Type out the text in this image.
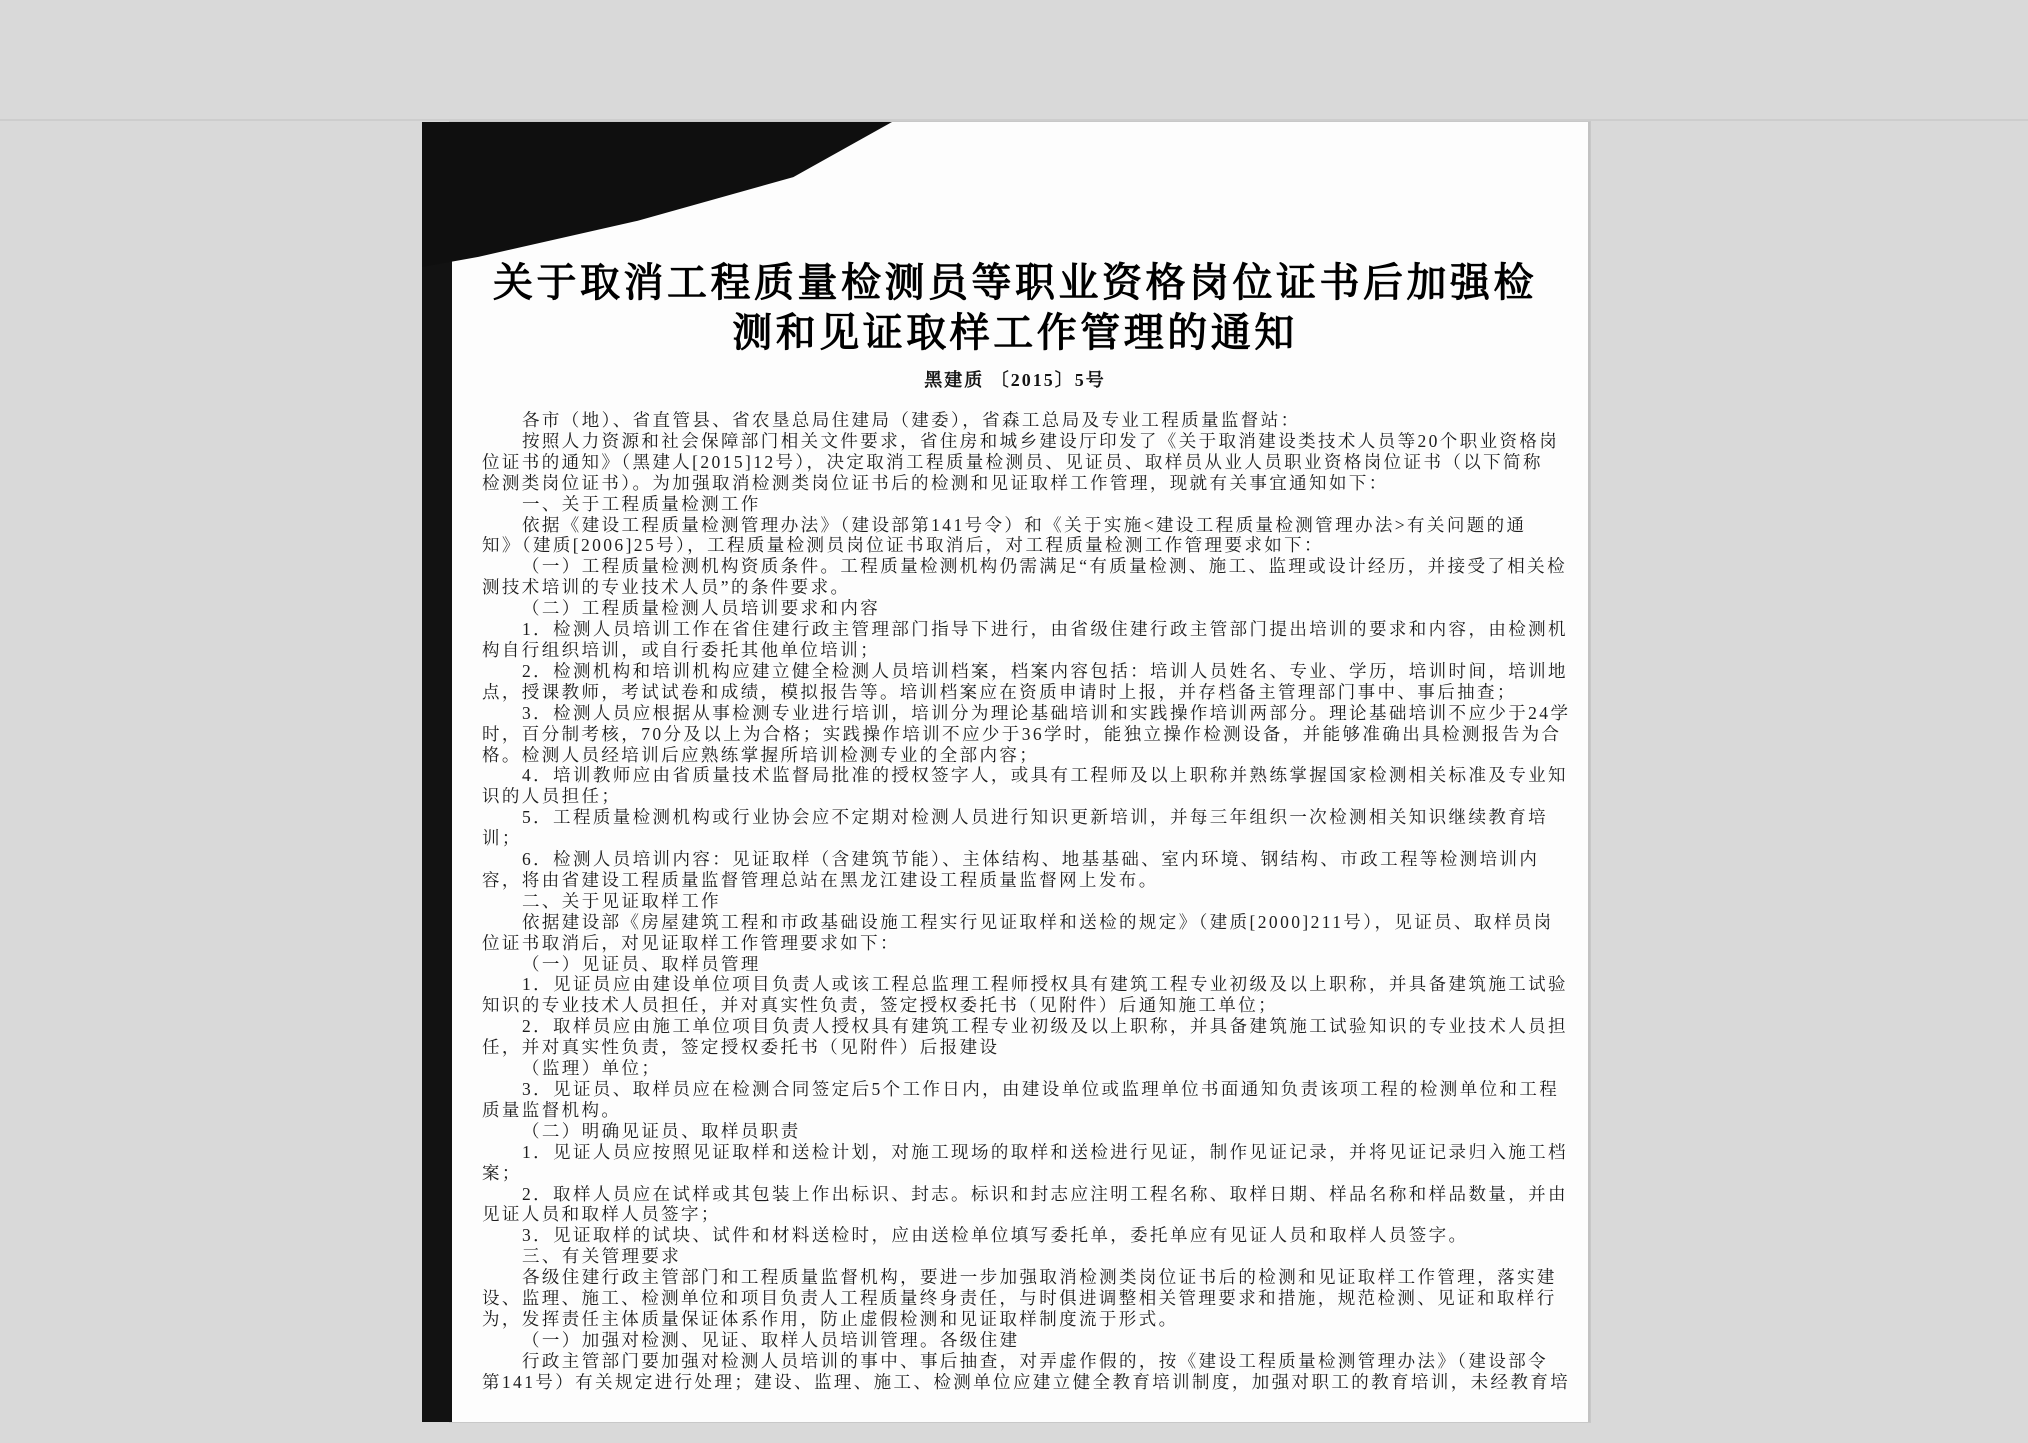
关于取消工程质量检测员等职业资格岗位证书后加强检
测和见证取样工作管理的通知
黑建质 〔2015〕5号
各市（地）、省直管县、省农垦总局住建局（建委），省森工总局及专业工程质量监督站：
按照人力资源和社会保障部门相关文件要求，省住房和城乡建设厅印发了《关于取消建设类技术人员等20个职业资格岗
位证书的通知》（黑建人[2015]12号），决定取消工程质量检测员、见证员、取样员从业人员职业资格岗位证书（以下简称
检测类岗位证书）。为加强取消检测类岗位证书后的检测和见证取样工作管理，现就有关事宜通知如下：
一、关于工程质量检测工作
依据《建设工程质量检测管理办法》（建设部第141号令）和《关于实施<建设工程质量检测管理办法>有关问题的通
知》（建质[2006]25号），工程质量检测员岗位证书取消后，对工程质量检测工作管理要求如下：
（一）工程质量检测机构资质条件。工程质量检测机构仍需满足“有质量检测、施工、监理或设计经历，并接受了相关检
测技术培训的专业技术人员”的条件要求。
（二）工程质量检测人员培训要求和内容
1．检测人员培训工作在省住建行政主管理部门指导下进行，由省级住建行政主管部门提出培训的要求和内容，由检测机
构自行组织培训，或自行委托其他单位培训；
2．检测机构和培训机构应建立健全检测人员培训档案，档案内容包括：培训人员姓名、专业、学历，培训时间，培训地
点，授课教师，考试试卷和成绩，模拟报告等。培训档案应在资质申请时上报，并存档备主管理部门事中、事后抽查；
3．检测人员应根据从事检测专业进行培训，培训分为理论基础培训和实践操作培训两部分。理论基础培训不应少于24学
时，百分制考核，70分及以上为合格；实践操作培训不应少于36学时，能独立操作检测设备，并能够准确出具检测报告为合
格。检测人员经培训后应熟练掌握所培训检测专业的全部内容；
4．培训教师应由省质量技术监督局批准的授权签字人，或具有工程师及以上职称并熟练掌握国家检测相关标准及专业知
识的人员担任；
5．工程质量检测机构或行业协会应不定期对检测人员进行知识更新培训，并每三年组织一次检测相关知识继续教育培
训；
6．检测人员培训内容：见证取样（含建筑节能）、主体结构、地基基础、室内环境、钢结构、市政工程等检测培训内
容，将由省建设工程质量监督管理总站在黑龙江建设工程质量监督网上发布。
二、关于见证取样工作
依据建设部《房屋建筑工程和市政基础设施工程实行见证取样和送检的规定》（建质[2000]211号），见证员、取样员岗
位证书取消后，对见证取样工作管理要求如下：
（一）见证员、取样员管理
1．见证员应由建设单位项目负责人或该工程总监理工程师授权具有建筑工程专业初级及以上职称，并具备建筑施工试验
知识的专业技术人员担任，并对真实性负责，签定授权委托书（见附件）后通知施工单位；
2．取样员应由施工单位项目负责人授权具有建筑工程专业初级及以上职称，并具备建筑施工试验知识的专业技术人员担
任，并对真实性负责，签定授权委托书（见附件）后报建设
（监理）单位；
3．见证员、取样员应在检测合同签定后5个工作日内，由建设单位或监理单位书面通知负责该项工程的检测单位和工程
质量监督机构。
（二）明确见证员、取样员职责
1．见证人员应按照见证取样和送检计划，对施工现场的取样和送检进行见证，制作见证记录，并将见证记录归入施工档
案；
2．取样人员应在试样或其包装上作出标识、封志。标识和封志应注明工程名称、取样日期、样品名称和样品数量，并由
见证人员和取样人员签字；
3．见证取样的试块、试件和材料送检时，应由送检单位填写委托单，委托单应有见证人员和取样人员签字。
三、有关管理要求
各级住建行政主管部门和工程质量监督机构，要进一步加强取消检测类岗位证书后的检测和见证取样工作管理，落实建
设、监理、施工、检测单位和项目负责人工程质量终身责任，与时俱进调整相关管理要求和措施，规范检测、见证和取样行
为，发挥责任主体质量保证体系作用，防止虚假检测和见证取样制度流于形式。
（一）加强对检测、见证、取样人员培训管理。各级住建
行政主管部门要加强对检测人员培训的事中、事后抽查，对弄虚作假的，按《建设工程质量检测管理办法》（建设部令
第141号）有关规定进行处理；建设、监理、施工、检测单位应建立健全教育培训制度，加强对职工的教育培训，未经教育培
